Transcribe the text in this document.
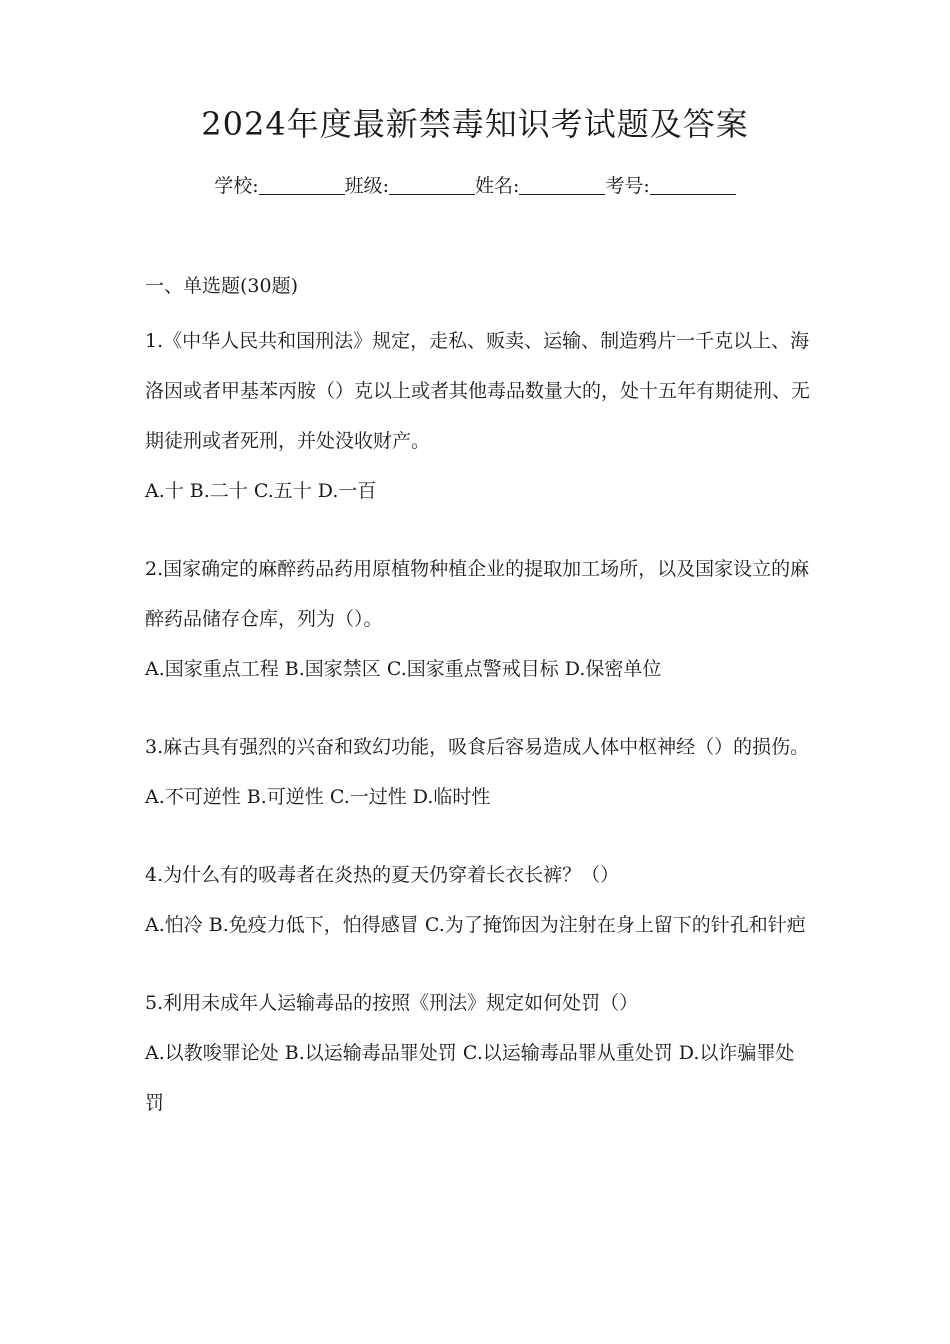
2024年度最新禁毒知识考试题及答案
学校:	班级:	姓名:	考号:
一、单选题(30题)

1.《中华人民共和国刑法》规定，走私、贩卖、运输、制造鸦片一千克以上、海洛因或者甲基苯丙胺（）克以上或者其他毒品数量大的，处十五年有期徒刑、无期徒刑或者死刑，并处没收财产。

A.十 B.二十 C.五十 D.一百

2.国家确定的麻醉药品药用原植物种植企业的提取加工场所，以及国家设立的麻醉药品储存仓库，列为（）。

A.国家重点工程 B.国家禁区 C.国家重点警戒目标 D.保密单位

3.麻古具有强烈的兴奋和致幻功能，吸食后容易造成人体中枢神经（）的损伤。

A.不可逆性 B.可逆性 C.一过性 D.临时性

4.为什么有的吸毒者在炎热的夏天仍穿着长衣长裤？（）

A.怕冷 B.免疫力低下，怕得感冒 C.为了掩饰因为注射在身上留下的针孔和针疤

5.利用未成年人运输毒品的按照《刑法》规定如何处罚（）

A.以教唆罪论处 B.以运输毒品罪处罚 C.以运输毒品罪从重处罚 D.以诈骗罪处罚
